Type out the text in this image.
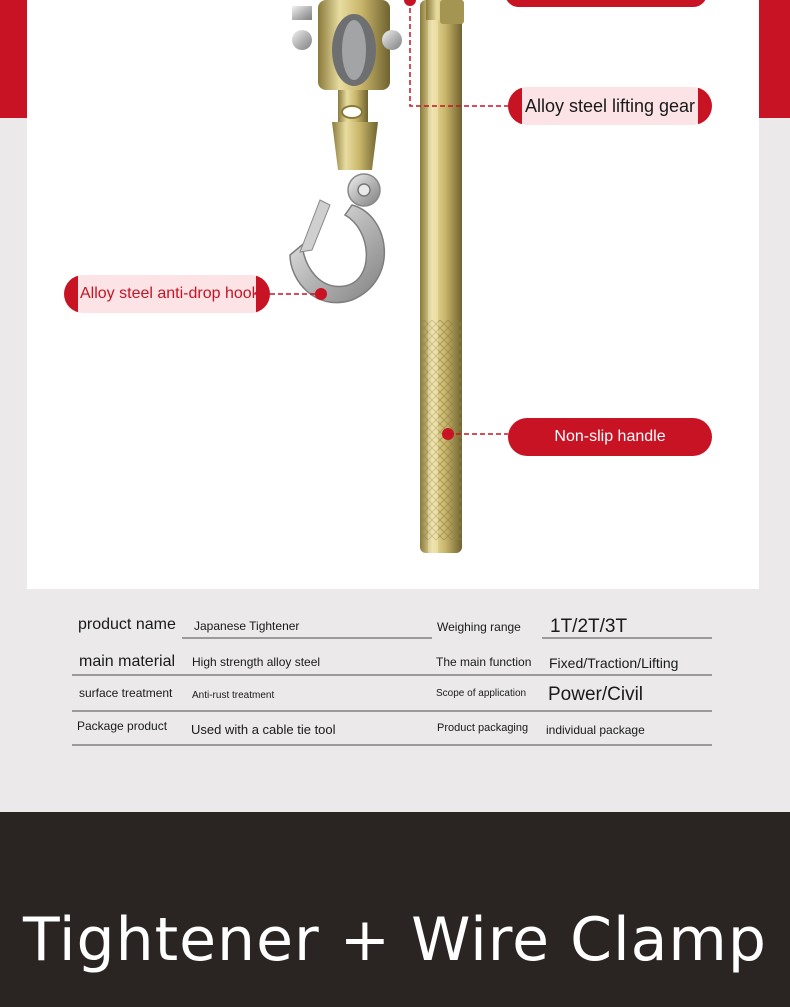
Alloy steel lifting gear
Alloy steel anti-drop hook
Non-slip handle
product name Japanese Tightener	Weighing range 1T/2T/3T
main material High strength alloy steel	The main function Fixed/Traction/Lifting
surface treatment Anti-rust treatment	Scope of application Power/Civil
Package product Used with a cable tie tool	Product packaging individual package
Tightener + Wire Clamp
